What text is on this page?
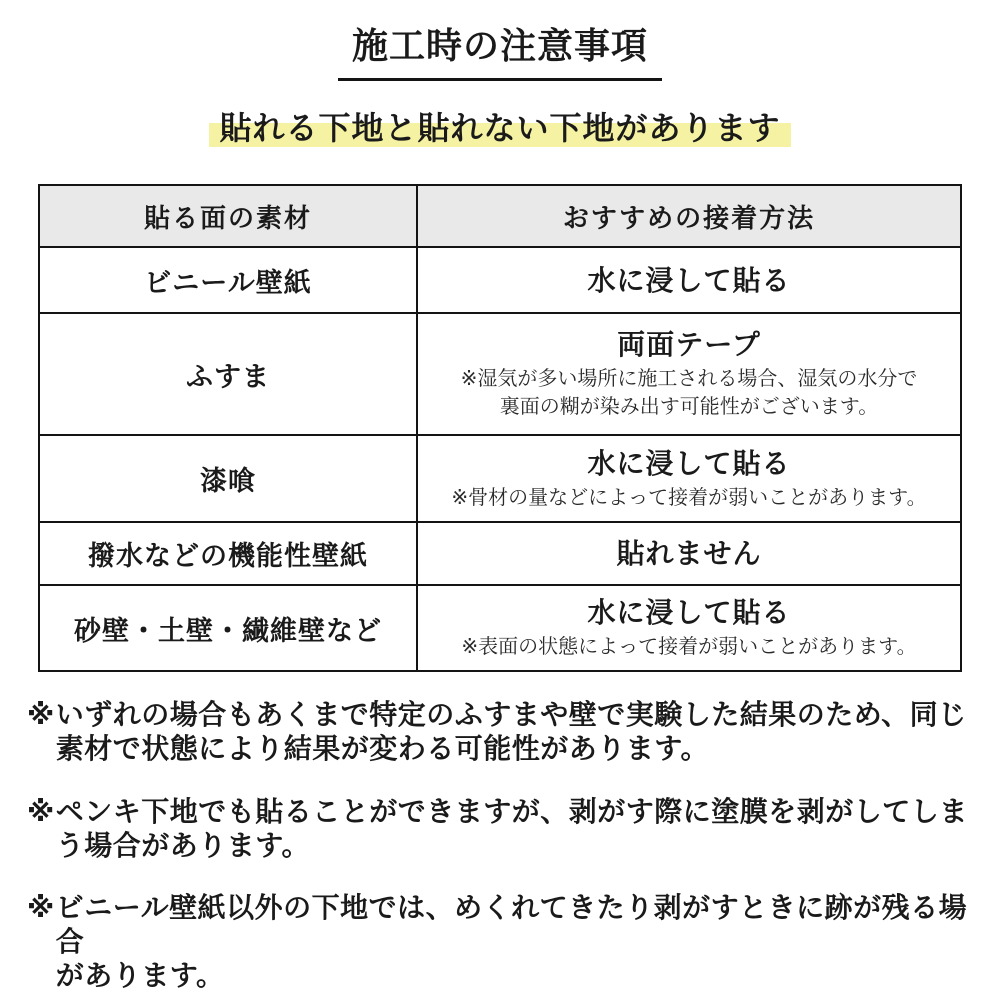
施工時の注意事項
貼れる下地と貼れない下地があります
貼る面の素材	おすすめの接着方法
ビニール壁紙	水に浸して貼る

ふすま	両面テープ
※湿気が多い場所に施工される場合、湿気の水分で
裏面の糊が染み出す可能性がございます。

漆喰	水に浸して貼る
※骨材の量などによって接着が弱いことがあります。

撥水などの機能性壁紙	貼れません

砂壁・土壁・繊維壁など	水に浸して貼る
※表面の状態によって接着が弱いことがあります。
※ いずれの場合もあくまで特定のふすまや壁で実験した結果のため、同じ
素材で状態により結果が変わる可能性があります。
※ ペンキ下地でも貼ることができますが、剥がす際に塗膜を剥がしてしま
う場合があります。
※ ビニール壁紙以外の下地では、めくれてきたり剥がすときに跡が残る場合
があります。
